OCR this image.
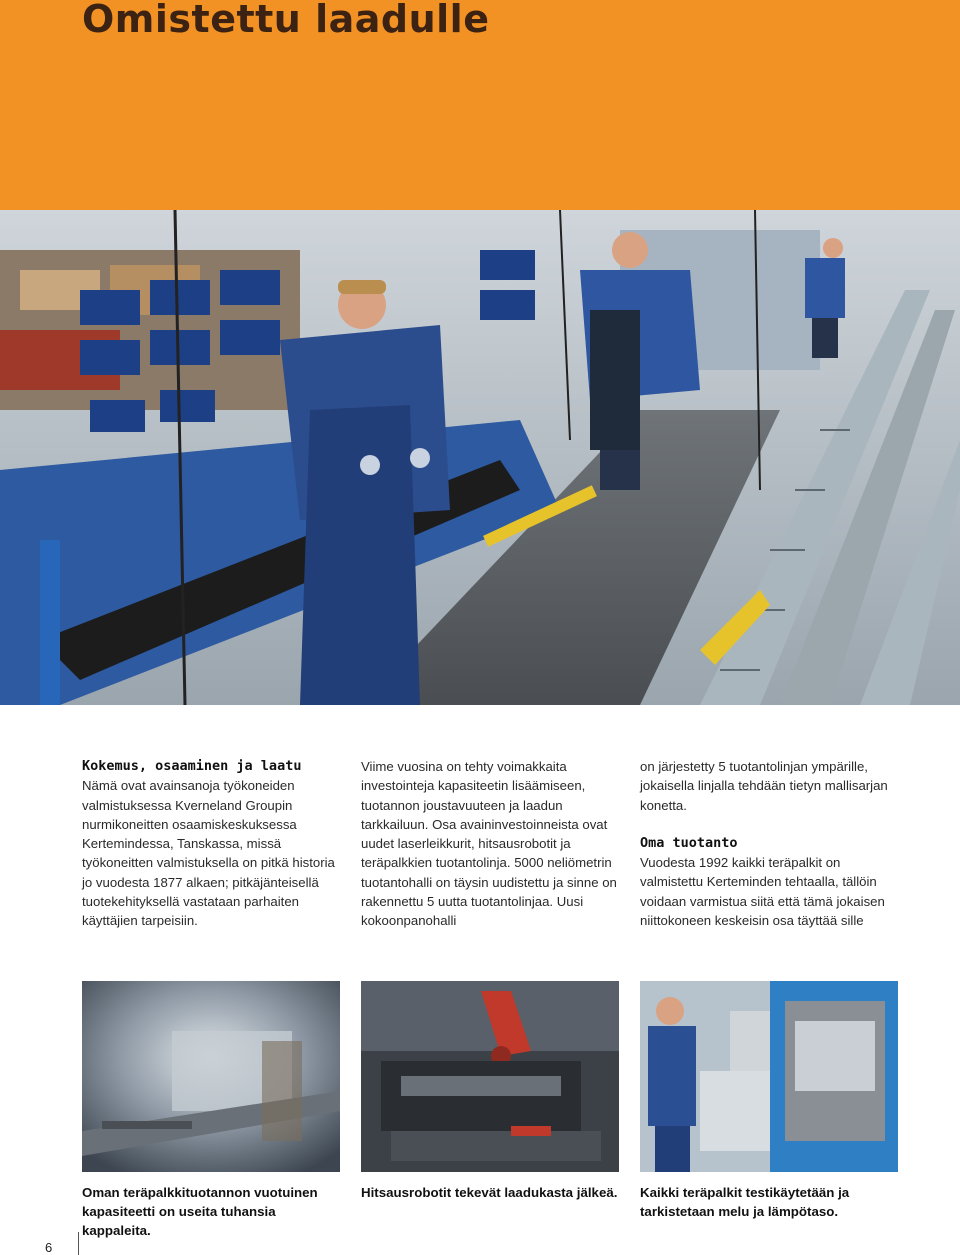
Omistettu laadulle
Kokemus, osaaminen ja laatu

Nämä ovat avainsanoja työkoneiden valmistuksessa Kverneland Groupin nurmikoneitten osaamiskeskuksessa Kertemindessa, Tanskassa, missä työkoneitten valmistuksella on pitkä historia jo vuodesta 1877 alkaen; pitkäjänteisellä tuotekehityksellä vastataan parhaiten käyttäjien tarpeisiin.

Viime vuosina on tehty voimakkaita investointeja kapasiteetin lisäämiseen, tuotannon joustavuuteen ja laadun tarkkailuun. Osa avaininvestoinneista ovat uudet laserleikkurit, hitsausrobotit ja teräpalkkien tuotantolinja. 5000 neliömetrin tuotantohalli on täysin uudistettu ja sinne on rakennettu 5 uutta tuotantolinjaa. Uusi kokoonpanohalli

on järjestetty 5 tuotantolinjan ympärille, jokaisella linjalla tehdään tietyn mallisarjan konetta.

Oma tuotanto

Vuodesta 1992 kaikki teräpalkit on valmistettu Kerteminden tehtaalla, tällöin voidaan varmistua siitä että tämä jokaisen niittokoneen keskeisin osa täyttää sille

Oman teräpalkkituotannon vuotuinen kapasiteetti on useita tuhansia kappaleita.
Hitsausrobotit tekevät laadukasta jälkeä.	Kaikki teräpalkit testikäytetään ja tarkistetaan melu ja lämpötaso.
6
